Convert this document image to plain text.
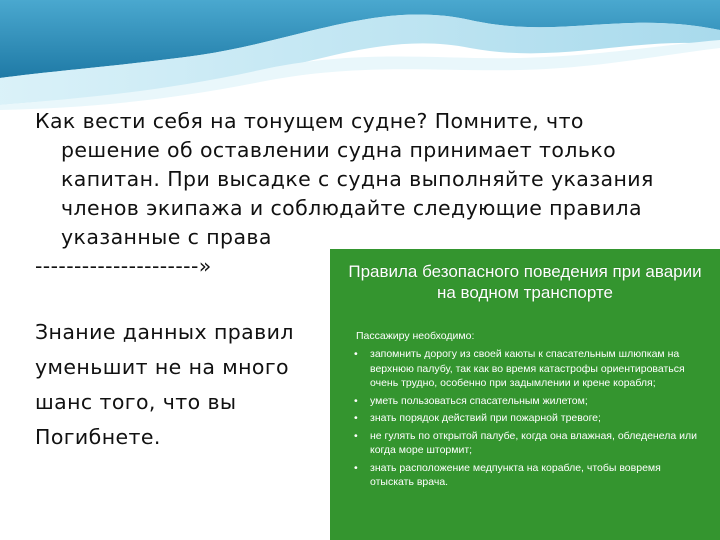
Как вести себя на тонущем судне? Помните, что решение об оставлении судна принимает только капитан. При высадке с судна выполняйте указания членов экипажа и соблюдайте следующие правила указанные с права

---------------------»

Знание данных правил
уменьшит не на много
шанс того, что вы
Погибнете.
Правила безопасного поведения при аварии на водном транспорте
Пассажиру необходимо:
• запомнить дорогу из своей каюты к спасательным шлюпкам на верхнюю палубу, так как во время катастрофы ориентироваться очень трудно, особенно при задымлении и крене корабля;
• уметь пользоваться спасательным жилетом;
• знать порядок действий при пожарной тревоге;
• не гулять по открытой палубе, когда она влажная, обледенела или когда море штормит;
• знать расположение медпункта на корабле, чтобы вовремя отыскать врача.
